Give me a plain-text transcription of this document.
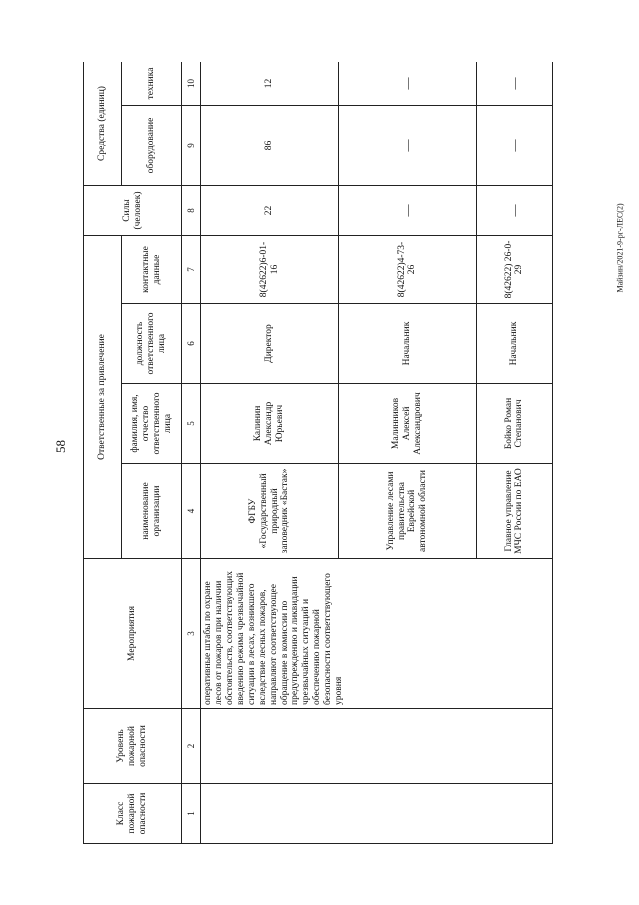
58
Майзин/2021-9-рг-ЛЕС(2)
Класс пожарной опасности	Уровень пожарной опасности	Мероприятия	Ответственные за привлечение				Силы (человек)	Средства (единиц)	
			наименование организации	фамилия, имя, отчество ответственного лица	должность ответственного лица	контактные данные		оборудование	техника
1	2	3	4	5	6	7	8	9	10
		оперативные штабы по охране лесов от пожаров при наличии обстоятельств, соответствующих введению режима чрезвычайной ситуации в лесах, возникшего вследствие лесных пожаров, направляют соответствующее обращение в комиссии по предупреждению и ликвидации чрезвычайных ситуаций и обеспечению пожарной безопасности соответствующего уровня	ФГБУ «Государственный природный заповедник «Бастак»	Калинин Александр Юрьевич	Директор	8(42622)6-01-16	22	86	12
			Управление лесами правительства Еврейской автономной области	Малинников Алексей Александрович	Начальник	8(42622)4-73-26	—	—	—
			Главное управление МЧС России по ЕАО	Бойко Роман Степанович	Начальник	8(42622) 26-0-29	—	—	—
